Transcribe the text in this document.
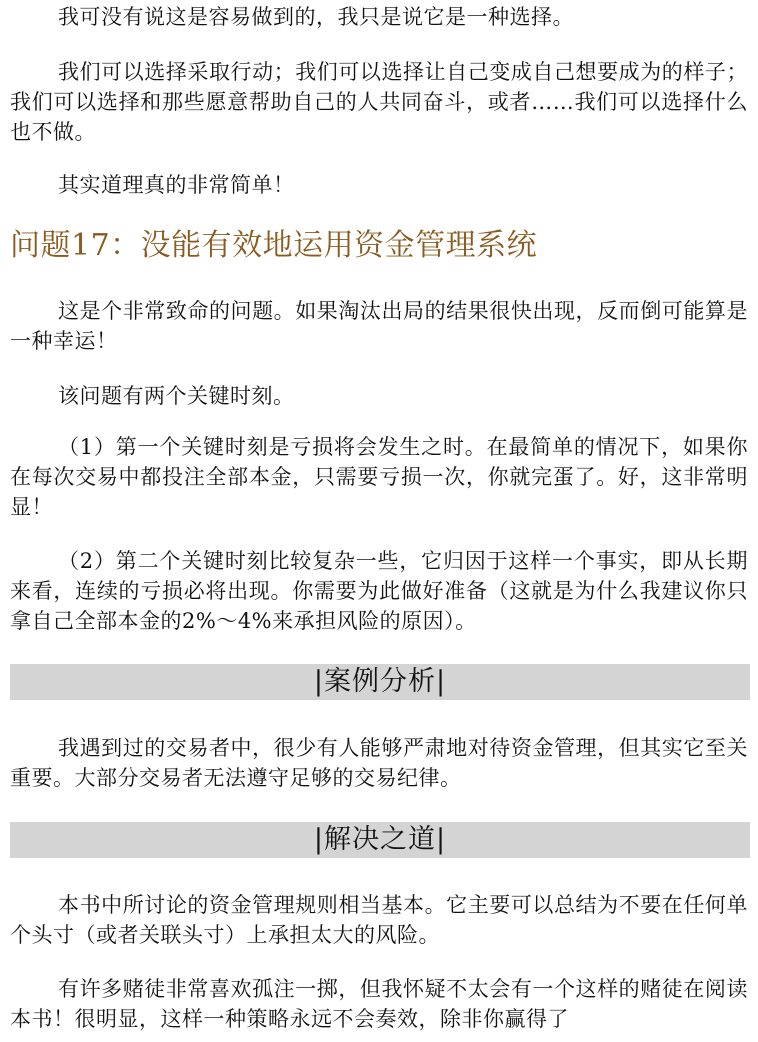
我可没有说这是容易做到的，我只是说它是一种选择。

我们可以选择采取行动；我们可以选择让自己变成自己想要成为的样子；我们可以选择和那些愿意帮助自己的人共同奋斗，或者……我们可以选择什么也不做。

其实道理真的非常简单！

问题17：没能有效地运用资金管理系统

这是个非常致命的问题。如果淘汰出局的结果很快出现，反而倒可能算是一种幸运！

该问题有两个关键时刻。

（1）第一个关键时刻是亏损将会发生之时。在最简单的情况下，如果你在每次交易中都投注全部本金，只需要亏损一次，你就完蛋了。好，这非常明显！

（2）第二个关键时刻比较复杂一些，它归因于这样一个事实，即从长期来看，连续的亏损必将出现。你需要为此做好准备（这就是为什么我建议你只拿自己全部本金的2%～4%来承担风险的原因）。

|案例分析|

我遇到过的交易者中，很少有人能够严肃地对待资金管理，但其实它至关重要。大部分交易者无法遵守足够的交易纪律。

|解决之道|

本书中所讨论的资金管理规则相当基本。它主要可以总结为不要在任何单个头寸（或者关联头寸）上承担太大的风险。

有许多赌徒非常喜欢孤注一掷，但我怀疑不太会有一个这样的赌徒在阅读本书！很明显，这样一种策略永远不会奏效，除非你赢得了
